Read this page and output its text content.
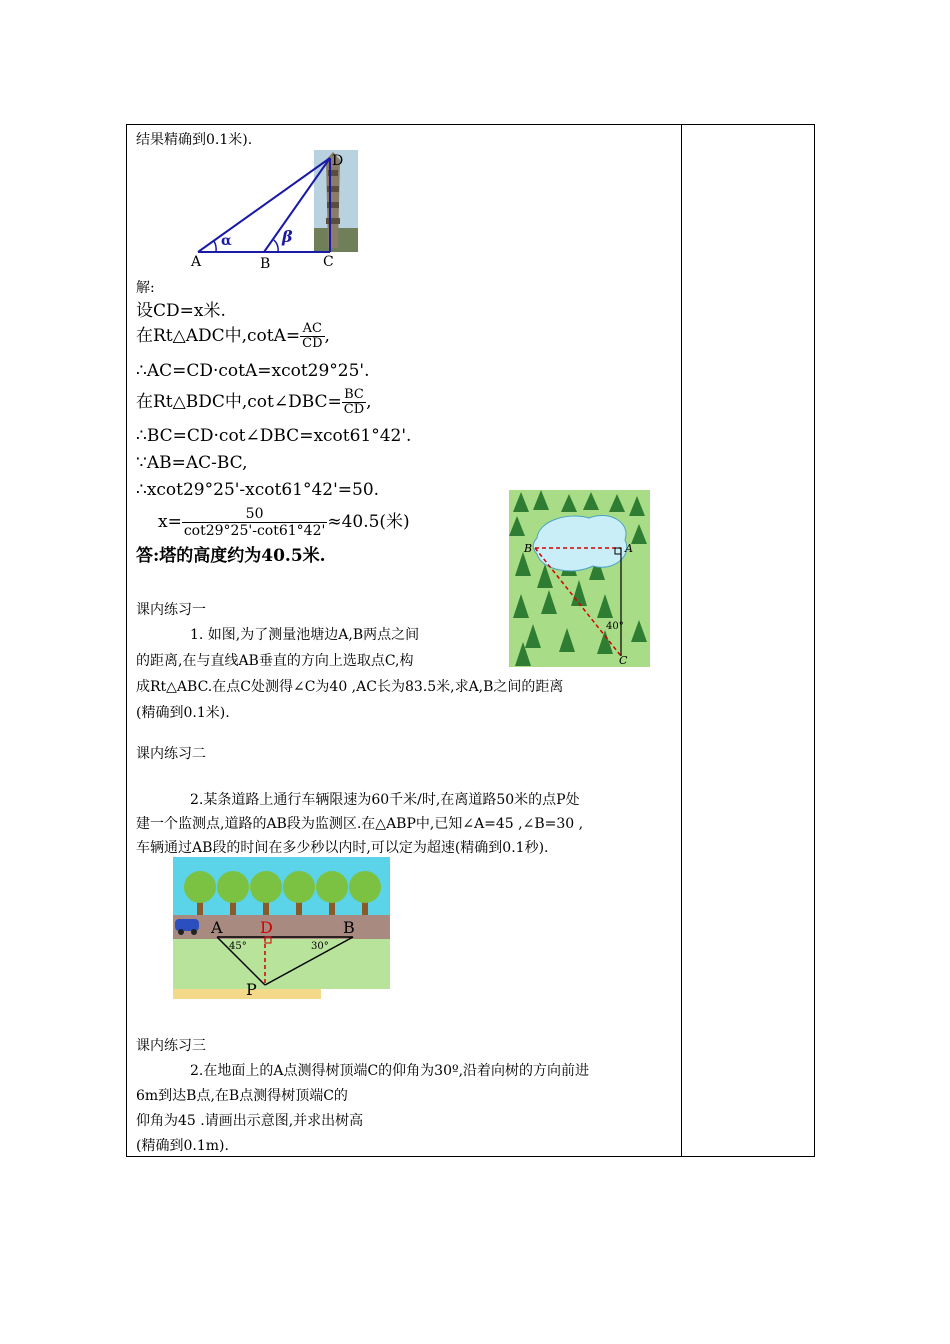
结果精确到0.1米).
A	B	C
D
α	β
解:
设CD=x米.
在Rt△ADC中$,\cot A= \frac{AC}{CD}$ ,
∴AC=CD·cotA=xcot29°25'.
在Rt△BDC中,cot∠DBC= $\frac{BC}{CD}$ ,
∴BC=CD·cot∠DBC=xcot61°42'.
∵AB=AC-BC,
∴xcot29°25'-xcot61°42'=50.
$x= \frac{50}{\cot 29^\circ 25'-\cot 61^\circ 42'} \approx 40.5$(米)
答:塔的高度约为40.5米.
课内练习一
1. 如图,为了测量池塘边A,B两点之间
的距离,在与直线AB垂直的方向上选取点C,构
成Rt△ABC.在点C处测得∠C为40 ,AC长为83.5米,求A,B之间的距离
(精确到0.1米).
B	A
C
40°
课内练习二
2.某条道路上通行车辆限速为60千米/时,在离道路50米的点P处
建一个监测点,道路的AB段为监测区.在△ABP中,已知∠A=45 ,∠B=30 ,
车辆通过AB段的时间在多少秒以内时,可以定为超速(精确到0.1秒).
A D	B
P
45°	30°
课内练习三
2.在地面上的A点测得树顶端C的仰角为30º,沿着向树的方向前进
6m到达B点,在B点测得树顶端C的
仰角为45 .请画出示意图,并求出树高
(精确到0.1m).
